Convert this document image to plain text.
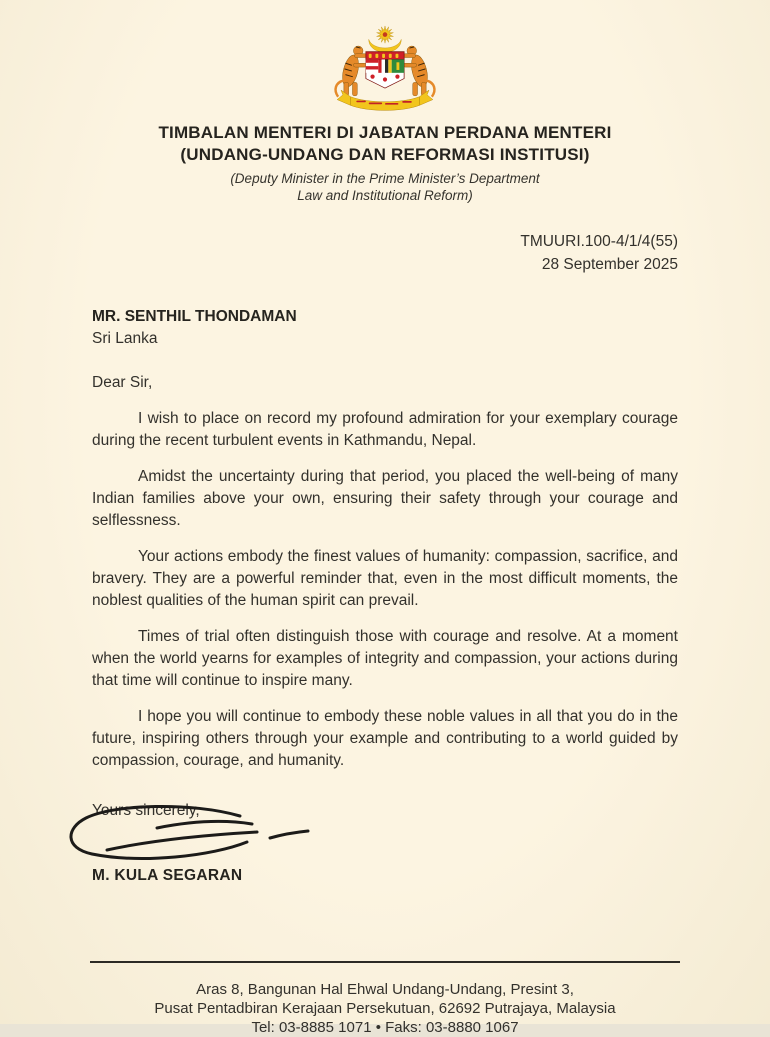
TIMBALAN MENTERI DI JABATAN PERDANA MENTERI
(UNDANG-UNDANG DAN REFORMASI INSTITUSI)
(Deputy Minister in the Prime Minister’s Department
Law and Institutional Reform)
TMUURI.100-4/1/4(55)
28 September 2025
MR. SENTHIL THONDAMAN
Sri Lanka
Dear Sir,

I wish to place on record my profound admiration for your exemplary courage during the recent turbulent events in Kathmandu, Nepal.

Amidst the uncertainty during that period, you placed the well-being of many Indian families above your own, ensuring their safety through your courage and selflessness.

Your actions embody the finest values of humanity: compassion, sacrifice, and bravery. They are a powerful reminder that, even in the most difficult moments, the noblest qualities of the human spirit can prevail.

Times of trial often distinguish those with courage and resolve. At a moment when the world yearns for examples of integrity and compassion, your actions during that time will continue to inspire many.

I hope you will continue to embody these noble values in all that you do in the future, inspiring others through your example and contributing to a world guided by compassion, courage, and humanity.

Yours sincerely,
M. KULA SEGARAN
Aras 8, Bangunan Hal Ehwal Undang-Undang, Presint 3,
Pusat Pentadbiran Kerajaan Persekutuan, 62692 Putrajaya, Malaysia
Tel: 03-8885 1071 • Faks: 03-8880 1067
